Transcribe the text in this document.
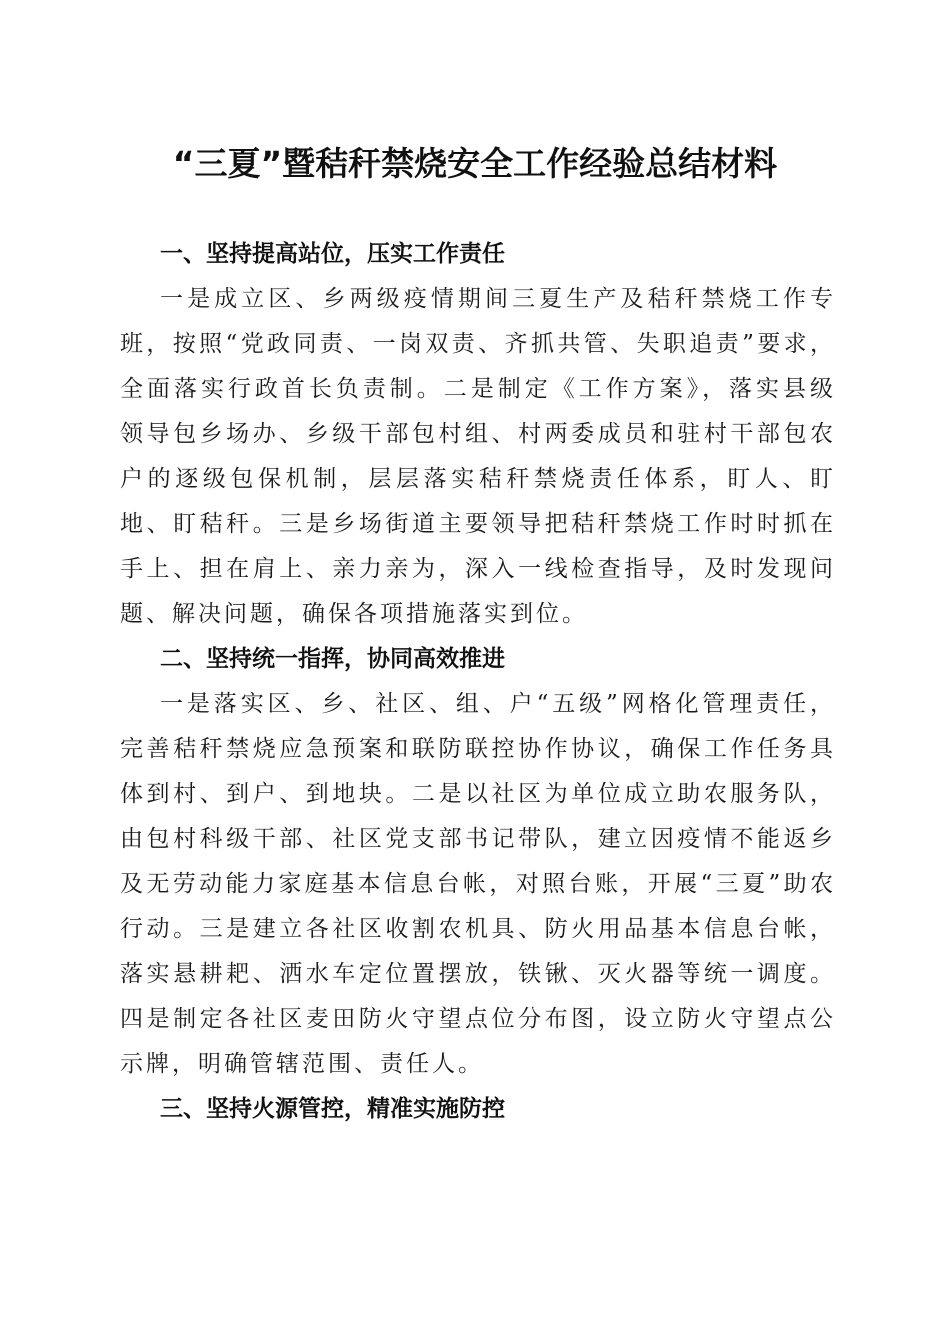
“三夏”暨秸秆禁烧安全工作经验总结材料

一、坚持提高站位，压实工作责任

一是成立区、乡两级疫情期间三夏生产及秸秆禁烧工作专班，按照“党政同责、一岗双责、齐抓共管、失职追责”要求，全面落实行政首长负责制。二是制定《工作方案》，落实县级领导包乡场办、乡级干部包村组、村两委成员和驻村干部包农户的逐级包保机制，层层落实秸秆禁烧责任体系，盯人、盯地、盯秸秆。三是乡场街道主要领导把秸秆禁烧工作时时抓在手上、担在肩上、亲力亲为，深入一线检查指导，及时发现问题、解决问题，确保各项措施落实到位。

二、坚持统一指挥，协同高效推进

一是落实区、乡、社区、组、户“五级”网格化管理责任，完善秸秆禁烧应急预案和联防联控协作协议，确保工作任务具体到村、到户、到地块。二是以社区为单位成立助农服务队，由包村科级干部、社区党支部书记带队，建立因疫情不能返乡及无劳动能力家庭基本信息台帐，对照台账，开展“三夏”助农行动。三是建立各社区收割农机具、防火用品基本信息台帐，落实悬耕耙、洒水车定位置摆放，铁锹、灭火器等统一调度。四是制定各社区麦田防火守望点位分布图，设立防火守望点公示牌，明确管辖范围、责任人。

三、坚持火源管控，精准实施防控
